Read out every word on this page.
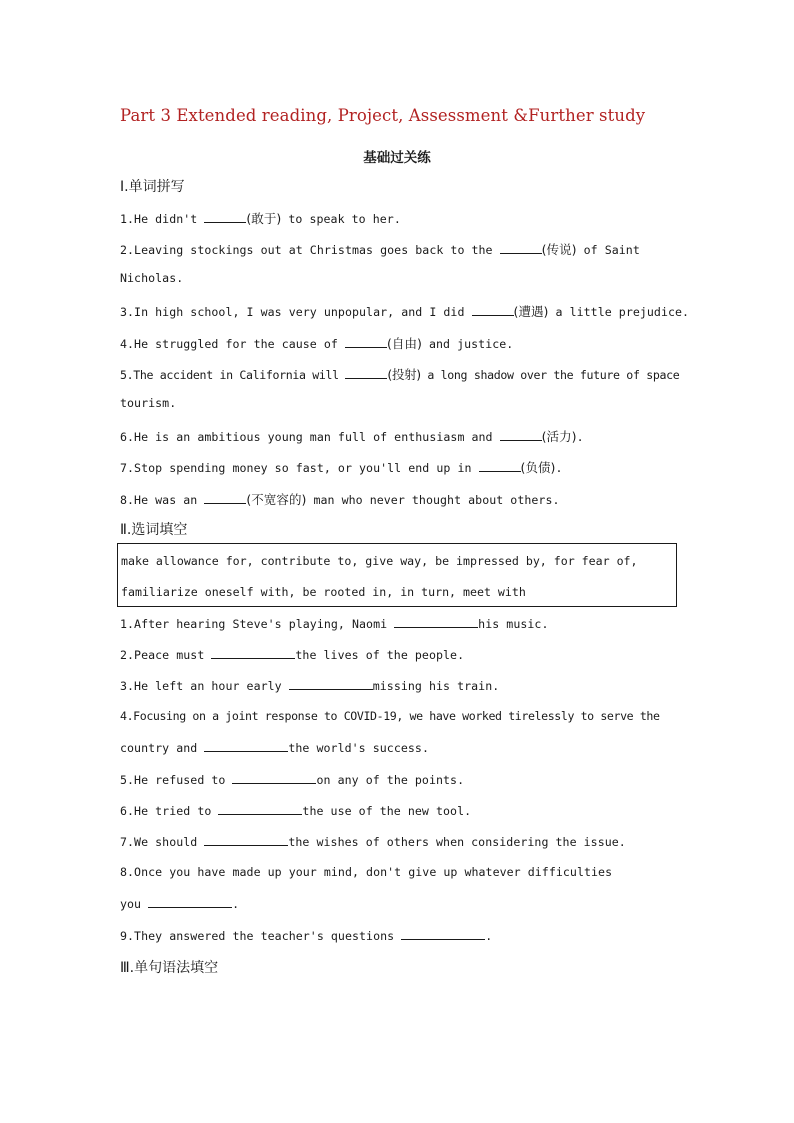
Part 3 Extended reading, Project, Assessment &Further study
基础过关练
Ⅰ.单词拼写
1.He didn't	(敢于) to speak to her.
2.Leaving stockings out at Christmas goes back to the	(传说) of Saint
Nicholas.
3.In high school, I was very unpopular, and I did	(遭遇) a little prejudice.
4.He struggled for the cause of	(自由) and justice.
5.The accident in California will	(投射) a long shadow over the future of space
tourism.
6.He is an ambitious young man full of enthusiasm and	(活力).
7.Stop spending money so fast, or you'll end up in	(负债).
8.He was an	(不宽容的) man who never thought about others.
Ⅱ.选词填空
make allowance for, contribute to, give way, be impressed by, for fear of,
familiarize oneself with, be rooted in, in turn, meet with
1.After hearing Steve's playing, Naomi	his music.
2.Peace must	the lives of the people.
3.He left an hour early	missing his train.
4.Focusing on a joint response to COVID-19, we have worked tirelessly to serve the
country and	the world's success.
5.He refused to	on any of the points.
6.He tried to	the use of the new tool.
7.We should	the wishes of others when considering the issue.
8.Once you have made up your mind, don't give up whatever difficulties
you	.
9.They answered the teacher's questions	.
Ⅲ.单句语法填空
